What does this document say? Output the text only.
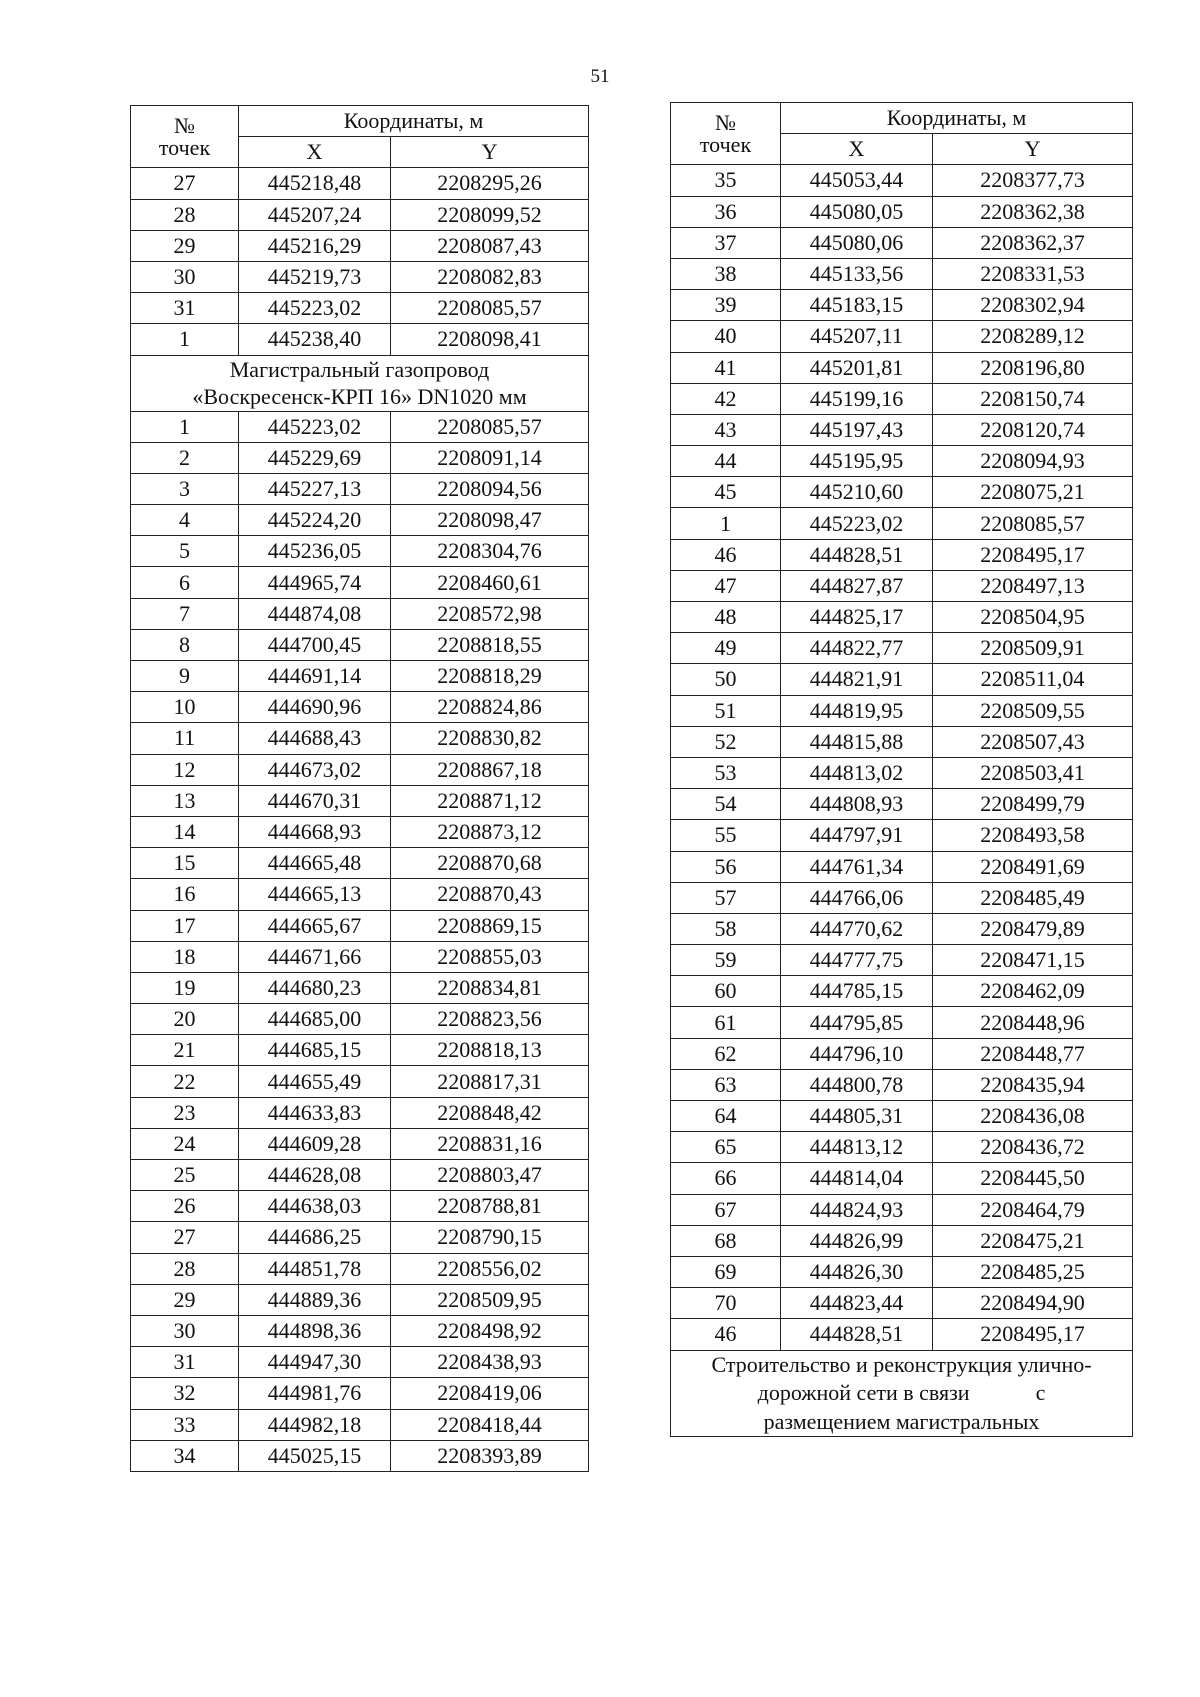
51
№
точек	Координаты, м	
	X	Y
27	445218,48	2208295,26
28	445207,24	2208099,52
29	445216,29	2208087,43
30	445219,73	2208082,83
31	445223,02	2208085,57
1	445238,40	2208098,41

Магистральный газопровод
«Воскресенск-КРП 16» DN1020 мм		

1	445223,02	2208085,57
2	445229,69	2208091,14
3	445227,13	2208094,56
4	445224,20	2208098,47
5	445236,05	2208304,76
6	444965,74	2208460,61
7	444874,08	2208572,98
8	444700,45	2208818,55
9	444691,14	2208818,29
10	444690,96	2208824,86
11	444688,43	2208830,82
12	444673,02	2208867,18
13	444670,31	2208871,12
14	444668,93	2208873,12
15	444665,48	2208870,68
16	444665,13	2208870,43
17	444665,67	2208869,15
18	444671,66	2208855,03
19	444680,23	2208834,81
20	444685,00	2208823,56
21	444685,15	2208818,13
22	444655,49	2208817,31
23	444633,83	2208848,42
24	444609,28	2208831,16
25	444628,08	2208803,47
26	444638,03	2208788,81
27	444686,25	2208790,15
28	444851,78	2208556,02
29	444889,36	2208509,95
30	444898,36	2208498,92
31	444947,30	2208438,93
32	444981,76	2208419,06
33	444982,18	2208418,44
34	445025,15	2208393,89
№
точек	Координаты, м	
	X	Y
35	445053,44	2208377,73
36	445080,05	2208362,38
37	445080,06	2208362,37
38	445133,56	2208331,53
39	445183,15	2208302,94
40	445207,11	2208289,12
41	445201,81	2208196,80
42	445199,16	2208150,74
43	445197,43	2208120,74
44	445195,95	2208094,93
45	445210,60	2208075,21
1	445223,02	2208085,57
46	444828,51	2208495,17
47	444827,87	2208497,13
48	444825,17	2208504,95
49	444822,77	2208509,91
50	444821,91	2208511,04
51	444819,95	2208509,55
52	444815,88	2208507,43
53	444813,02	2208503,41
54	444808,93	2208499,79
55	444797,91	2208493,58
56	444761,34	2208491,69
57	444766,06	2208485,49
58	444770,62	2208479,89
59	444777,75	2208471,15
60	444785,15	2208462,09
61	444795,85	2208448,96
62	444796,10	2208448,77
63	444800,78	2208435,94
64	444805,31	2208436,08
65	444813,12	2208436,72
66	444814,04	2208445,50
67	444824,93	2208464,79
68	444826,99	2208475,21
69	444826,30	2208485,25
70	444823,44	2208494,90
46	444828,51	2208495,17
Строительство и реконструкция улично-
дорожной сети в связи            с
размещением магистральных		
